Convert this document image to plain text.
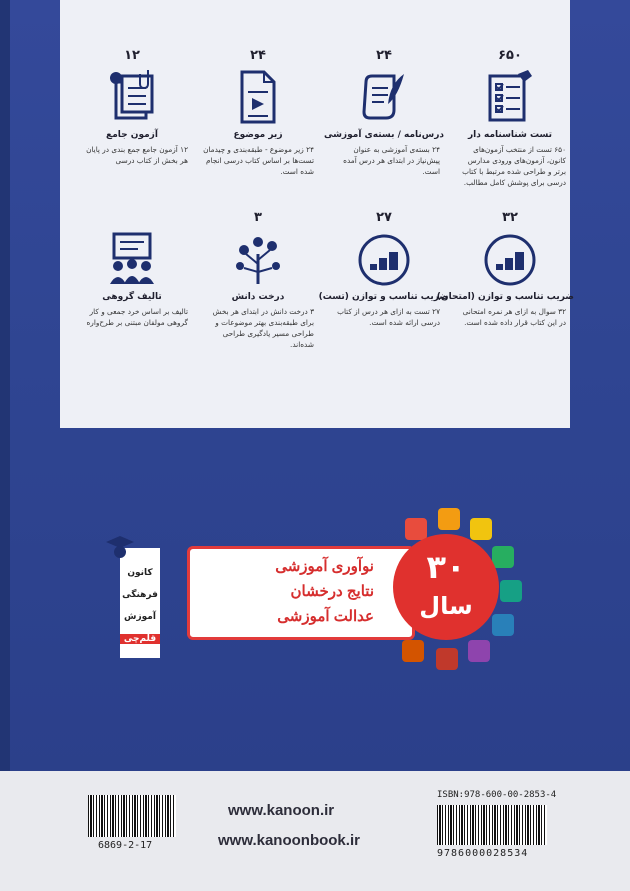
۶۵۰
تست شناسنامه دار
۶۵۰ تست از منتخب آزمون‌های کانون، آزمون‌های ورودی مدارس برتر و طراحی شده مرتبط با کتاب درسی برای پوشش کامل مطالب.
۲۴
درس‌نامه / بسته‌ی آموزشی
۲۴ بسته‌ی آموزشی به عنوان پیش‌نیاز در ابتدای هر درس آمده است.
۲۴
زیر موضوع
۲۴ زیر موضوع - طبقه‌بندی و چیدمان تست‌ها بر اساس کتاب درسی انجام شده است.
۱۲
آزمون جامع
۱۲ آزمون جامع جمع بندی در پایان هر بخش از کتاب درسی
۳۲
ضریب تناسب و توازن (امتحان)
۳۲ سوال به ازای هر نمره امتحانی در این کتاب قرار داده شده است.
۲۷
ضریب تناسب و توازن (تست)
۲۷ تست به ازای هر درس از کتاب درسی ارائه شده است.
۳
درخت دانش
۳ درخت دانش در ابتدای هر بخش برای طبقه‌بندی بهتر موضوعات و طراحی مسیر یادگیری طراحی شده‌اند.
تالیف گروهی
تالیف بر اساس خرد جمعی و کار گروهی مولفان مبتنی بر طرح‌واره
کانون
فرهنگی
آموزش
قلم‌چی
نوآوری آموزشی
نتایج درخشان
عدالت آموزشی
۳۰
سال
6869-2-17
www.kanoon.ir
www.kanoonbook.ir
ISBN:978-600-00-2853-4
9786000028534
